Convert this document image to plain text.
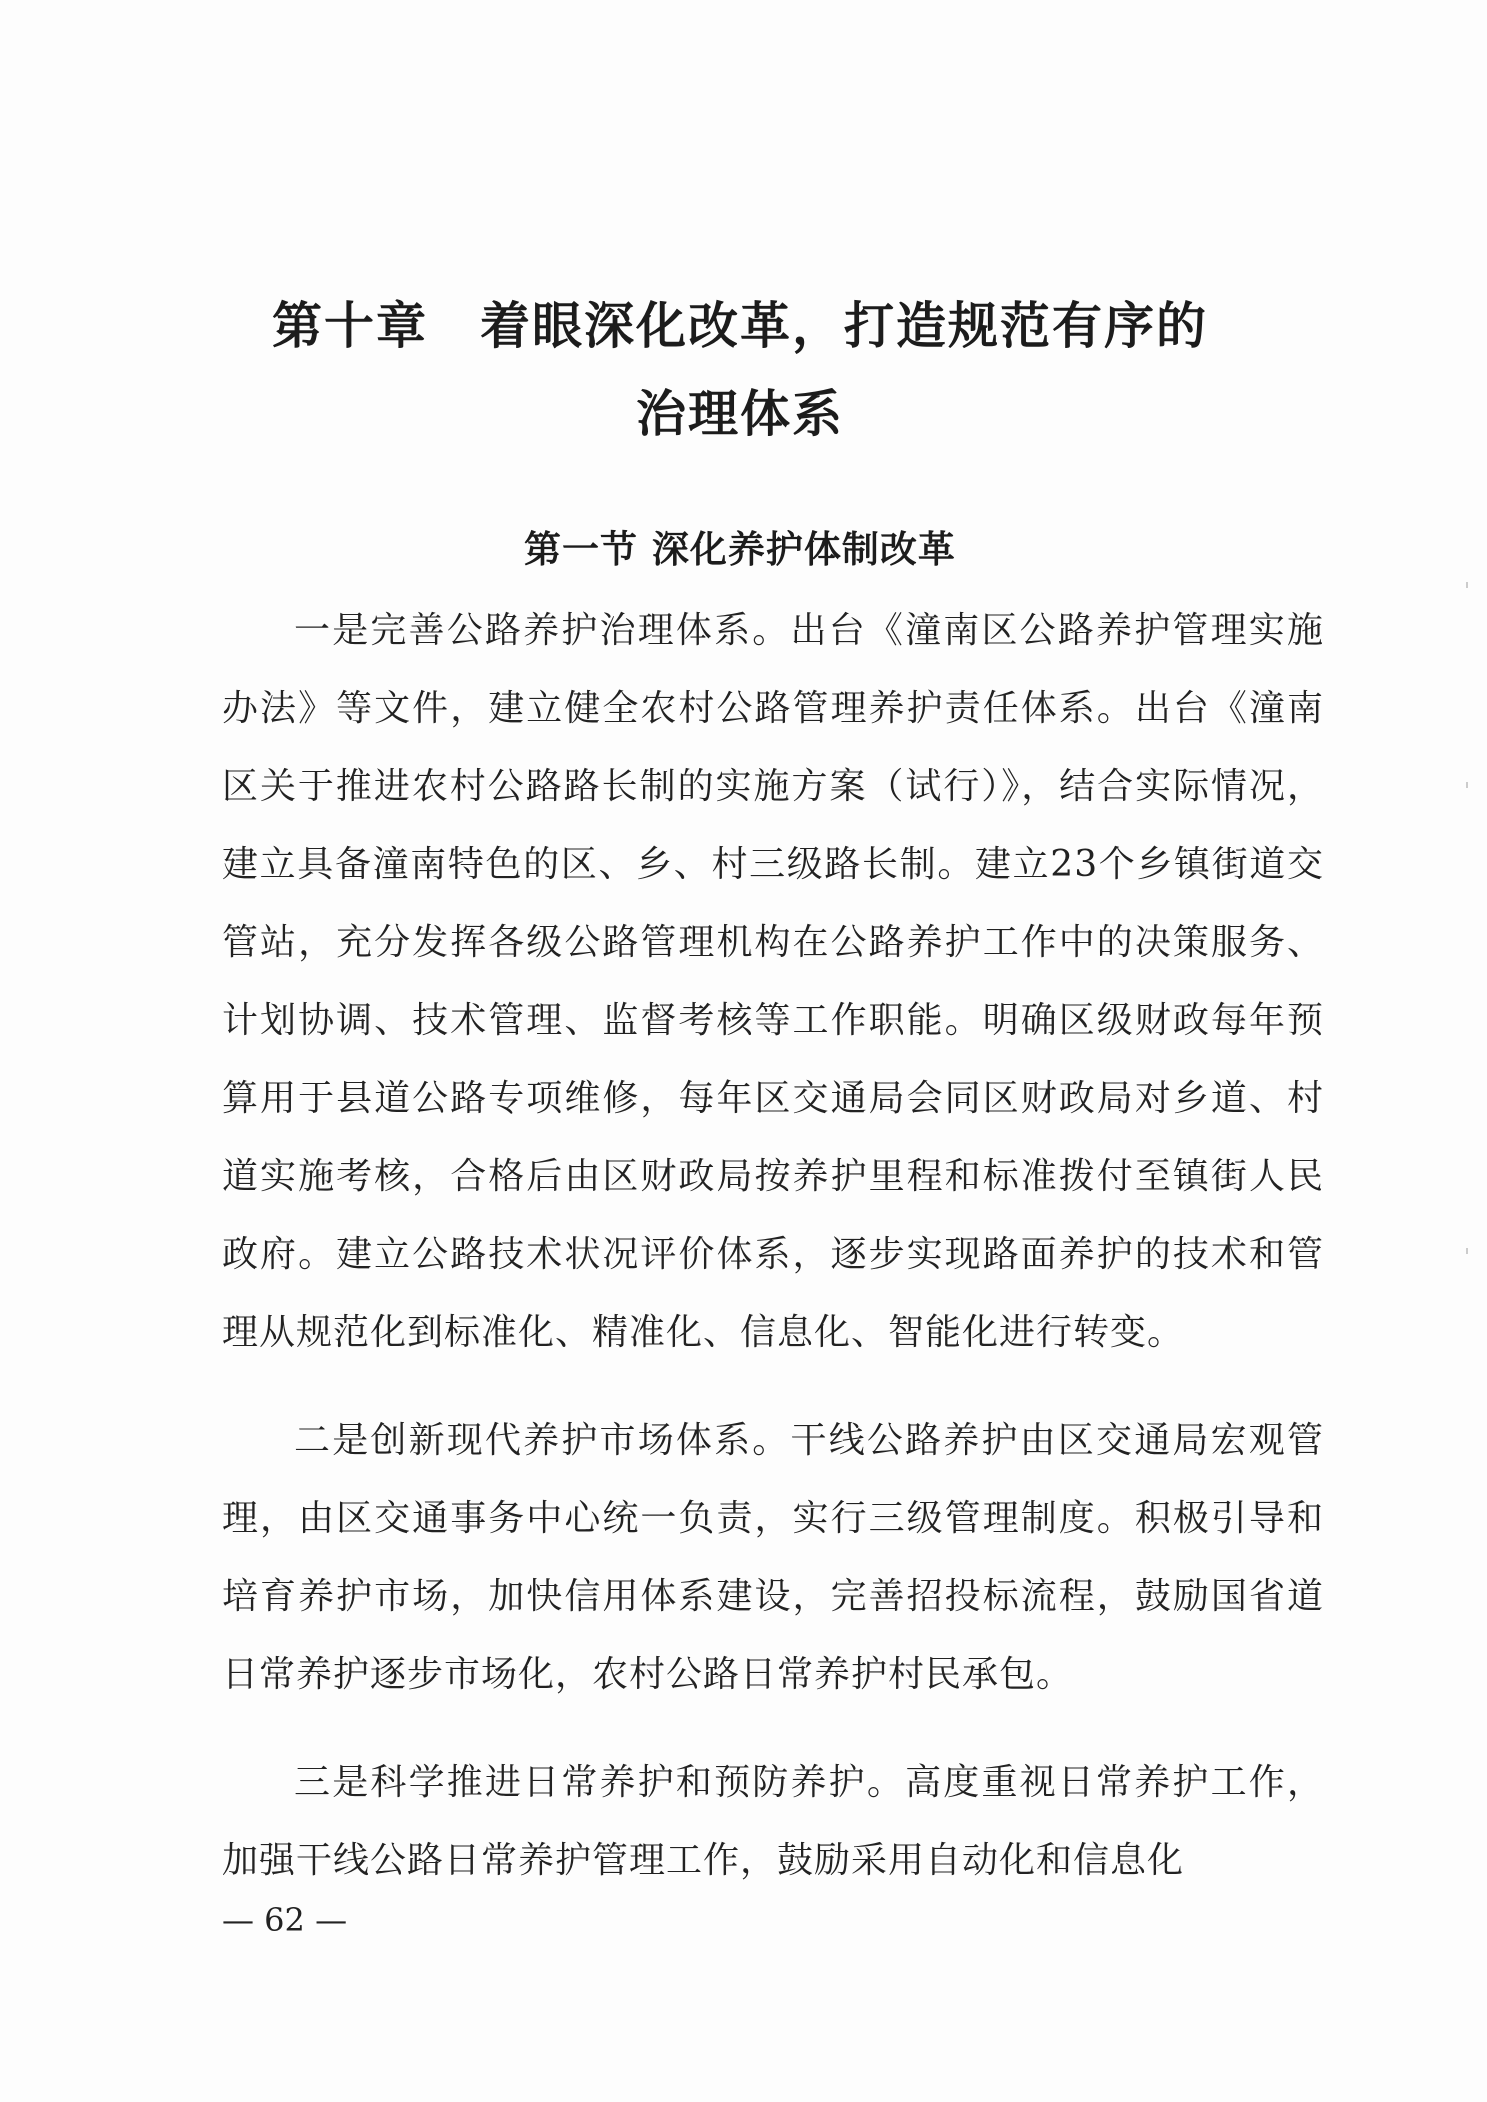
第十章　着眼深化改革，打造规范有序的
治理体系
第一节 深化养护体制改革

一是完善公路养护治理体系。出台《潼南区公路养护管理实施办法》等文件，建立健全农村公路管理养护责任体系。出台《潼南区关于推进农村公路路长制的实施方案（试行）》，结合实际情况，建立具备潼南特色的区、乡、村三级路长制。建立23个乡镇街道交管站，充分发挥各级公路管理机构在公路养护工作中的决策服务、计划协调、技术管理、监督考核等工作职能。明确区级财政每年预算用于县道公路专项维修，每年区交通局会同区财政局对乡道、村道实施考核，合格后由区财政局按养护里程和标准拨付至镇街人民政府。建立公路技术状况评价体系，逐步实现路面养护的技术和管理从规范化到标准化、精准化、信息化、智能化进行转变。

二是创新现代养护市场体系。干线公路养护由区交通局宏观管理，由区交通事务中心统一负责，实行三级管理制度。积极引导和培育养护市场，加快信用体系建设，完善招投标流程，鼓励国省道日常养护逐步市场化，农村公路日常养护村民承包。

三是科学推进日常养护和预防养护。高度重视日常养护工作，加强干线公路日常养护管理工作，鼓励采用自动化和信息化

— 62 —
